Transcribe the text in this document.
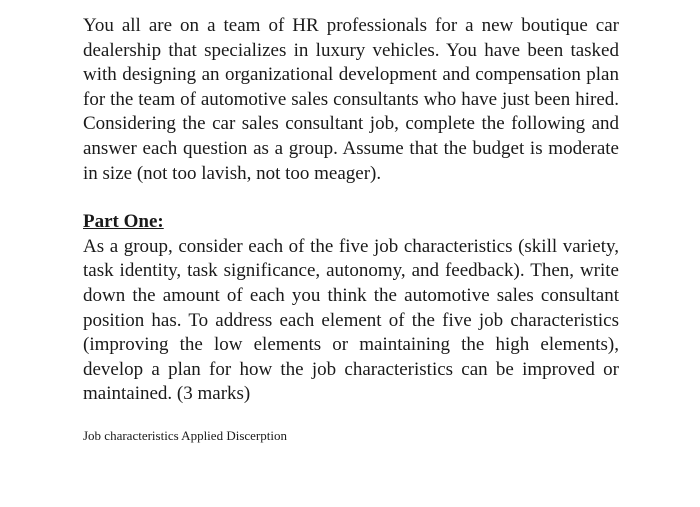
You all are on a team of HR professionals for a new boutique car dealership that specializes in luxury vehicles. You have been tasked with designing an organizational development and compensation plan for the team of automotive sales consultants who have just been hired. Considering the car sales consultant job, complete the following and answer each question as a group. Assume that the budget is moderate in size (not too lavish, not too meager).

Part One:

As a group, consider each of the five job characteristics (skill variety, task identity, task significance, autonomy, and feedback). Then, write down the amount of each you think the automotive sales consultant position has. To address each element of the five job characteristics (improving the low elements or maintaining the high elements), develop a plan for how the job characteristics can be improved or maintained. (3 marks)

Job characteristics Applied Discerption
